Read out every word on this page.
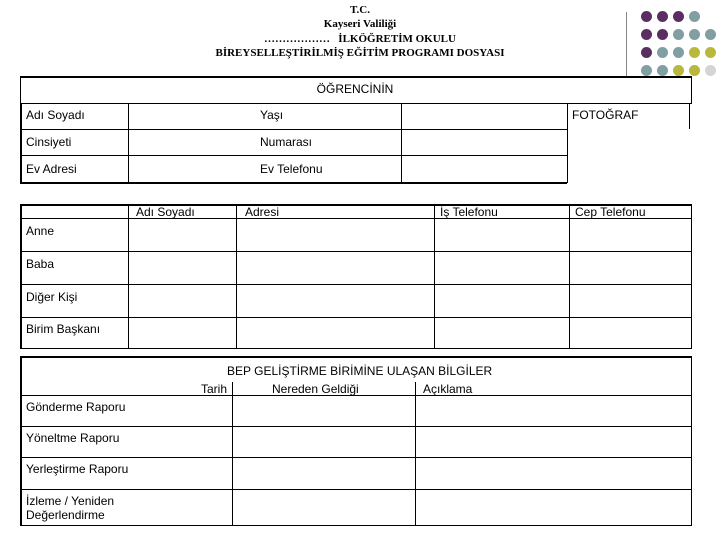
T.C.
Kayseri Valiliği
……………… İLKÖĞRETİM OKULU
BİREYSELLEŞTİRİLMİŞ EĞİTİM PROGRAMI DOSYASI
ÖĞRENCİNİN
Adı Soyadı	Yaşı	FOTOĞRAF
Cinsiyeti	Numarası
Ev Adresi	Ev Telefonu
Adı Soyadı	Adresi	İş Telefonu	Cep Telefonu
Anne
Baba
Diğer Kişi
Birim Başkanı
BEP GELİŞTİRME BİRİMİNE ULAŞAN BİLGİLER
Tarih	Nereden Geldiği	Açıklama
Gönderme Raporu
Yöneltme Raporu
Yerleştirme Raporu
İzleme / Yeniden Değerlendirme
